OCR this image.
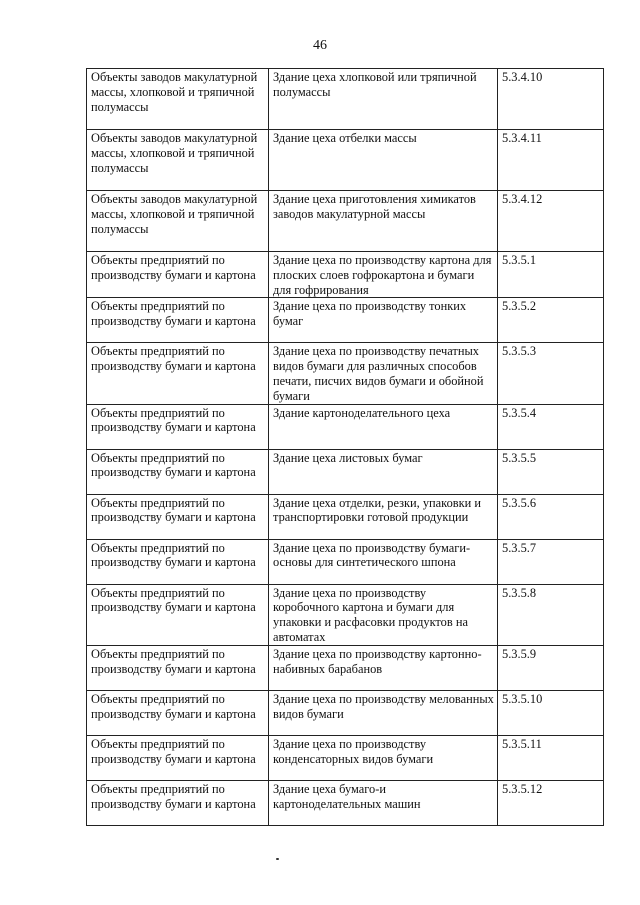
46
Объекты заводов макулатурной массы, хлопковой и тряпичной полумассы	Здание цеха хлопковой или тряпичной полумассы	5.3.4.10
Объекты заводов макулатурной массы, хлопковой и тряпичной полумассы	Здание цеха отбелки массы	5.3.4.11
Объекты заводов макулатурной массы, хлопковой и тряпичной полумассы	Здание цеха приготовления химикатов заводов макулатурной массы	5.3.4.12
Объекты предприятий по производству бумаги и картона	Здание цеха по производству картона для плоских слоев гофрокартона и бумаги для гофрирования	5.3.5.1
Объекты предприятий по производству бумаги и картона	Здание цеха по производству тонких бумаг	5.3.5.2
Объекты предприятий по производству бумаги и картона	Здание цеха по производству печатных видов бумаги для различных способов печати, писчих видов бумаги и обойной бумаги	5.3.5.3
Объекты предприятий по производству бумаги и картона	Здание картоноделательного цеха	5.3.5.4
Объекты предприятий по производству бумаги и картона	Здание цеха листовых бумаг	5.3.5.5
Объекты предприятий по производству бумаги и картона	Здание цеха отделки, резки, упаковки и транспортировки готовой продукции	5.3.5.6
Объекты предприятий по производству бумаги и картона	Здание цеха по производству бумаги-основы для синтетического шпона	5.3.5.7
Объекты предприятий по производству бумаги и картона	Здание цеха по производству коробочного картона и бумаги для упаковки и расфасовки продуктов на автоматах	5.3.5.8
Объекты предприятий по производству бумаги и картона	Здание цеха по производству картонно-набивных барабанов	5.3.5.9
Объекты предприятий по производству бумаги и картона	Здание цеха по производству мелованных видов бумаги	5.3.5.10
Объекты предприятий по производству бумаги и картона	Здание цеха по производству конденсаторных видов бумаги	5.3.5.11
Объекты предприятий по производству бумаги и картона	Здание цеха бумаго-и картоноделательных машин	5.3.5.12
